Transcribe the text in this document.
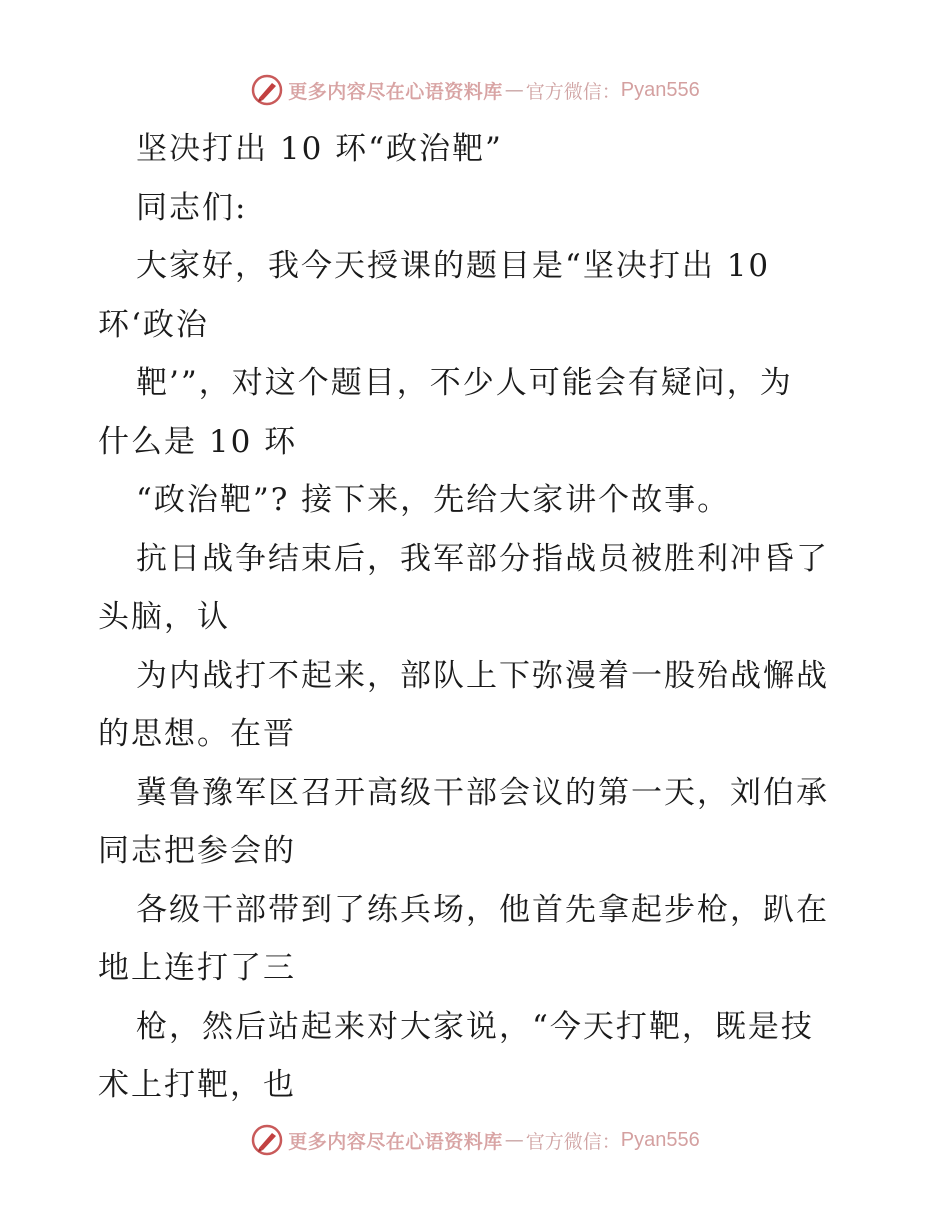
更多内容尽在心语资料库 — 官方微信： Pyan556
坚决打出 10 环“政治靶”
同志们:
大家好，我今天授课的题目是“坚决打出 10
环‘政治
靶’”，对这个题目，不少人可能会有疑问，为
什么是 10 环
“政治靶”? 接下来，先给大家讲个故事。
抗日战争结束后，我军部分指战员被胜利冲昏了
头脑，认
为内战打不起来，部队上下弥漫着一股殆战懈战
的思想。在晋
冀鲁豫军区召开高级干部会议的第一天，刘伯承
同志把参会的
各级干部带到了练兵场，他首先拿起步枪，趴在
地上连打了三
枪，然后站起来对大家说，“今天打靶，既是技
术上打靶，也
更多内容尽在心语资料库 — 官方微信： Pyan556
